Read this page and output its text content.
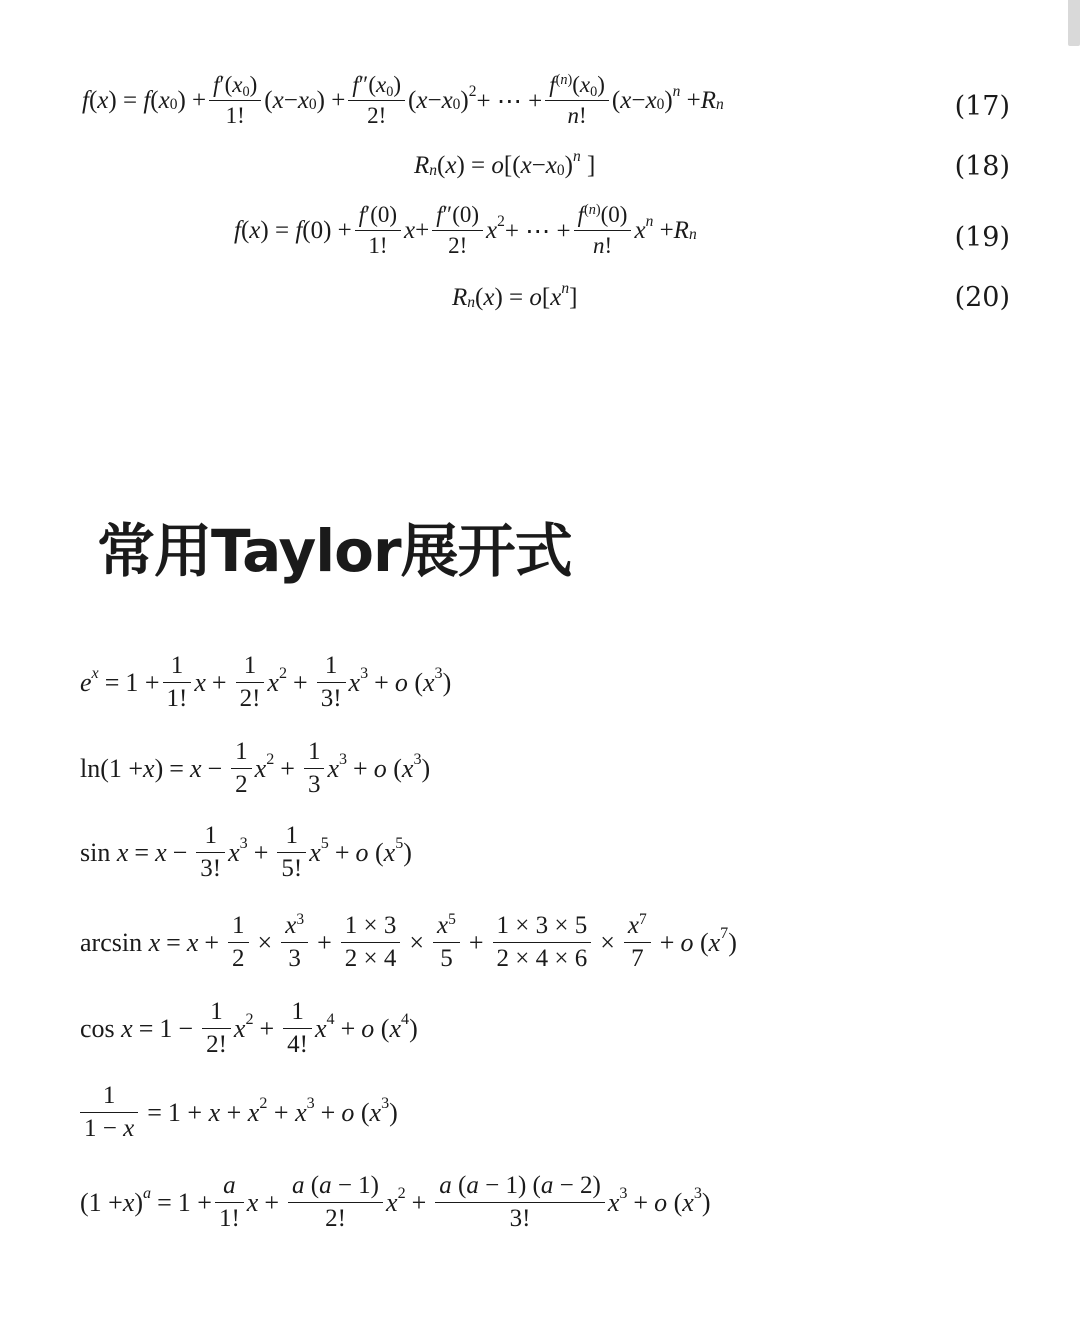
f ( x ) = f ( $x_0$ ) + $\frac{f'(x_0)}{1!}$ ( $x - x_0$ ) + $\frac{f''(x_0)}{2!}$ ( $x - x_0$ )$^2$ + ⋯ + $\frac{f^{(n)}(x_0)}{n!}$ ( $x - x_0$ ) $^n$ + R $_n$	(17)
R $_n$ ( x ) = o [( $x - x_0$ ) $^n$ ]	(18)
f ( x ) = f $(0) + \frac{f'(0)}{1!}$ $x + \frac{f''(0)}{2!} x^2$ + ⋯ + $\frac{f^{(n)}(0)}{n!}$ x $^n$ + R $_n$	(19)
R $_n$ ( x ) = o [ x $^n$ ]	(20)
常用Taylor展开式
$e^x = 1 + \frac{1}{1!}$ $x + \frac{1}{2!} x^2 + \frac{1}{3!} x^3 + o$ ( $x^3$ )
ln(1 + x ) = $x - \frac{1}{2} x^2 + \frac{1}{3} x^3 + o$ ( $x^3$ )
$\sin x = x - \frac{1}{3!} x^3 + \frac{1}{5!} x^5 + o$ ( $x^5$ )
$\arcsin x = x + \frac{1}{2} \times \frac{x^3}{3} + \frac{1 \times 3}{2 \times 4} \times \frac{x^5}{5} + \frac{1 \times 3 \times 5}{2 \times 4 \times 6} \times \frac{x^7}{7} + o$ ( $x^7$ )
$\cos x = 1 - \frac{1}{2!} x^2 + \frac{1}{4!} x^4 + o$ ( $x^4$ )
$\frac{1}{1 - x} = 1 + x + x^2 + x^3 + o$ ( $x^3$ )
(1 + x )$^a = 1 + \frac{a}{1!}$ $x + \frac{a (a - 1)}{2!} x^2 + \frac{a (a - 1) (a - 2)}{3!} x^3 + o$ ( $x^3$ )
